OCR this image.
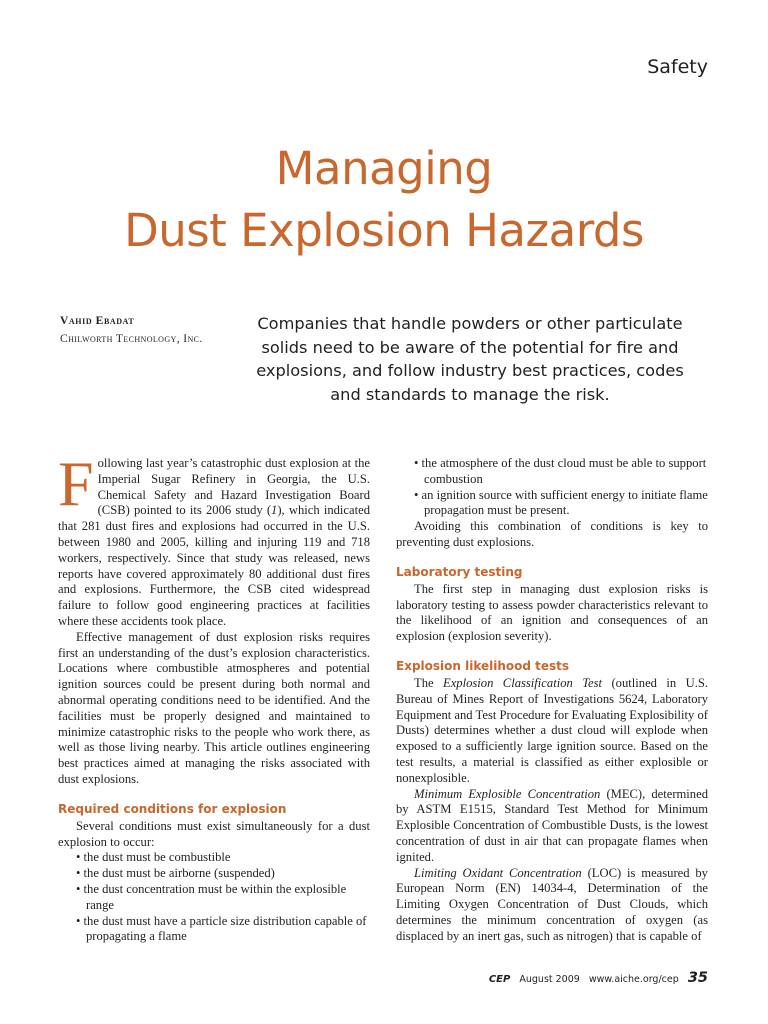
Safety
Managing
Dust Explosion Hazards
Vahid Ebadat
Chilworth Technology, Inc.
Companies that handle powders or other particulate solids need to be aware of the potential for fire and explosions, and follow industry best practices, codes and standards to manage the risk.

Following last year’s catastrophic dust explosion at the Imperial Sugar Refinery in Georgia, the U.S. Chemical Safety and Hazard Investigation Board (CSB) pointed to its 2006 study (1), which indicated that 281 dust fires and explosions had occurred in the U.S. between 1980 and 2005, killing and injuring 119 and 718 workers, respectively. Since that study was released, news reports have covered approximately 80 additional dust fires and explosions. Furthermore, the CSB cited widespread failure to follow good engineering practices at facilities where these accidents took place.

Effective management of dust explosion risks requires first an understanding of the dust’s explosion characteristics. Locations where combustible atmospheres and potential ignition sources could be present during both normal and abnormal operating conditions need to be identified. And the facilities must be properly designed and maintained to minimize catastrophic risks to the people who work there, as well as those living nearby. This article outlines engineering best practices aimed at managing the risks associated with dust explosions.

Required conditions for explosion

Several conditions must exist simultaneously for a dust explosion to occur:

• the dust must be combustible
• the dust must be airborne (suspended)
• the dust concentration must be within the explosible range
• the dust must have a particle size distribution capable of propagating a flame
• the atmosphere of the dust cloud must be able to support combustion
• an ignition source with sufficient energy to initiate flame propagation must be present.

Avoiding this combination of conditions is key to preventing dust explosions.

Laboratory testing

The first step in managing dust explosion risks is laboratory testing to assess powder characteristics relevant to the likelihood of an ignition and consequences of an explosion (explosion severity).

Explosion likelihood tests

The Explosion Classification Test (outlined in U.S. Bureau of Mines Report of Investigations 5624, Laboratory Equipment and Test Procedure for Evaluating Explosibility of Dusts) determines whether a dust cloud will explode when exposed to a sufficiently large ignition source. Based on the test results, a material is classified as either explosible or nonexplosible.

Minimum Explosible Concentration (MEC), determined by ASTM E1515, Standard Test Method for Minimum Explosible Concentration of Combustible Dusts, is the lowest concentration of dust in air that can propagate flames when ignited.

Limiting Oxidant Concentration (LOC) is measured by European Norm (EN) 14034-4, Determination of the Limiting Oxygen Concentration of Dust Clouds, which determines the minimum concentration of oxygen (as displaced by an inert gas, such as nitrogen) that is capable of

CEP August 2009 www.aiche.org/cep 35
